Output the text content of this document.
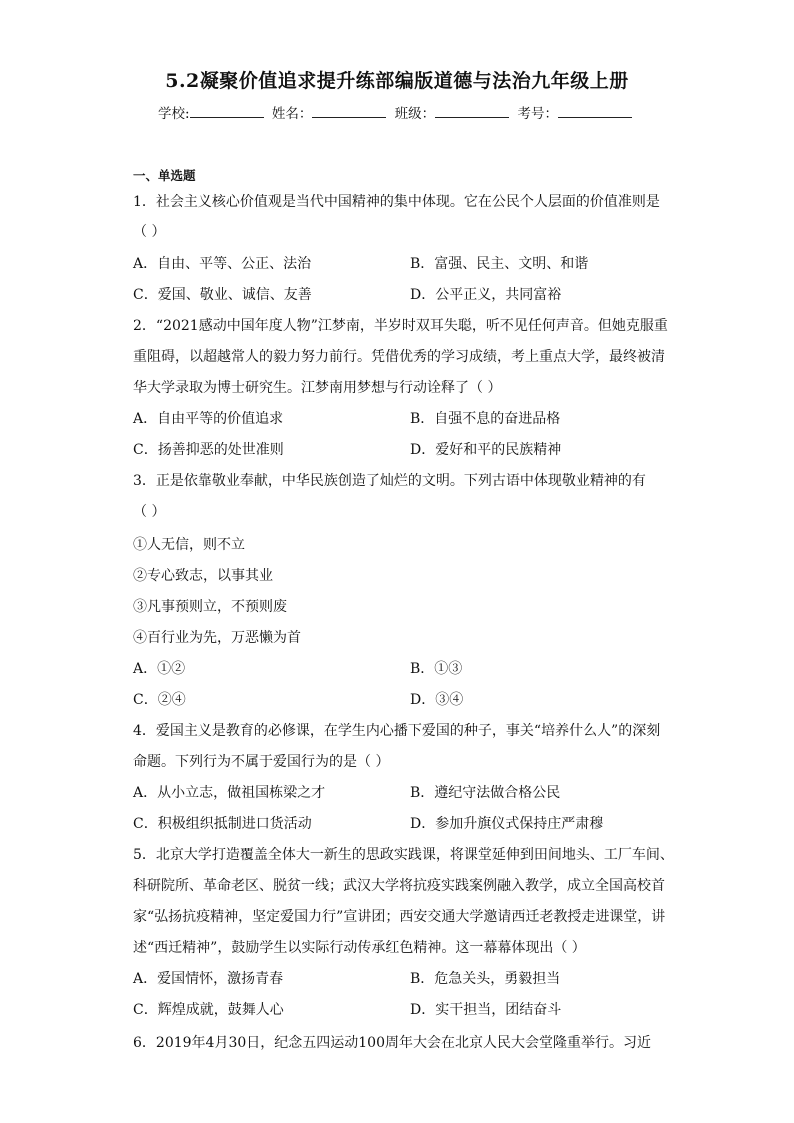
5.2凝聚价值追求提升练部编版道德与法治九年级上册
学校:	姓名：	班级：	考号：
一、单选题
1．社会主义核心价值观是当代中国精神的集中体现。它在公民个人层面的价值准则是
（ ）
A．自由、平等、公正、法治	B．富强、民主、文明、和谐
C．爱国、敬业、诚信、友善	D．公平正义，共同富裕
2．“2021感动中国年度人物”江梦南，半岁时双耳失聪，听不见任何声音。但她克服重
重阻碍，以超越常人的毅力努力前行。凭借优秀的学习成绩，考上重点大学，最终被清
华大学录取为博士研究生。江梦南用梦想与行动诠释了（ ）
A．自由平等的价值追求	B．自强不息的奋进品格
C．扬善抑恶的处世准则	D．爱好和平的民族精神
3．正是依靠敬业奉献，中华民族创造了灿烂的文明。下列古语中体现敬业精神的有
（ ）
①人无信，则不立
②专心致志，以事其业
③凡事预则立，不预则废
④百行业为先，万恶懒为首
A．①②	B．①③
C．②④	D．③④
4．爱国主义是教育的必修课，在学生内心播下爱国的种子，事关“培养什么人”的深刻
命题。下列行为不属于爱国行为的是（ ）
A．从小立志，做祖国栋梁之才	B．遵纪守法做合格公民
C．积极组织抵制进口货活动	D．参加升旗仪式保持庄严肃穆
5．北京大学打造覆盖全体大一新生的思政实践课，将课堂延伸到田间地头、工厂车间、
科研院所、革命老区、脱贫一线；武汉大学将抗疫实践案例融入教学，成立全国高校首
家“弘扬抗疫精神，坚定爱国力行”宣讲团；西安交通大学邀请西迁老教授走进课堂，讲
述“西迁精神”，鼓励学生以实际行动传承红色精神。这一幕幕体现出（ ）
A．爱国情怀，激扬青春	B．危急关头，勇毅担当
C．辉煌成就，鼓舞人心	D．实干担当，团结奋斗
6．2019年4月30日，纪念五四运动100周年大会在北京人民大会堂隆重举行。习近
